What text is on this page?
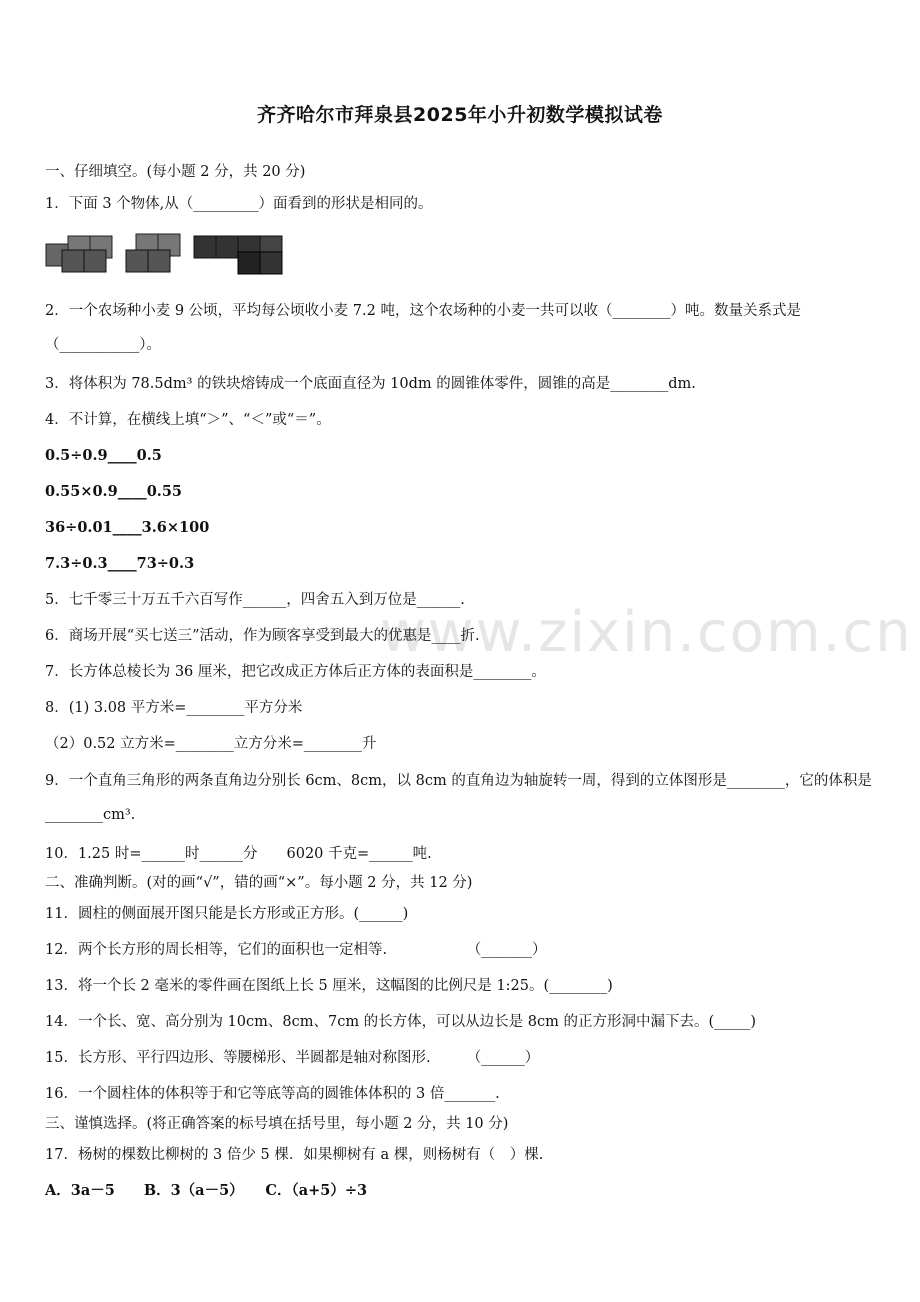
www.zixin.com.cn
齐齐哈尔市拜泉县2025年小升初数学模拟试卷
一、仔细填空。(每小题 2 分，共 20 分)
1．下面 3 个物体,从（_________）面看到的形状是相同的。
2．一个农场种小麦 9 公顷，平均每公顷收小麦 7.2 吨，这个农场种的小麦一共可以收（________）吨。数量关系式是（___________）。
3．将体积为 78.5dm³ 的铁块熔铸成一个底面直径为 10dm 的圆锥体零件，圆锥的高是________dm.
4．不计算，在横线上填“＞”、“＜”或“＝”。
0.5÷0.9____0.5
0.55×0.9____0.55
36÷0.01____3.6×100
7.3÷0.3____73÷0.3
5．七千零三十万五千六百写作______，四舍五入到万位是______.
6．商场开展“买七送三”活动，作为顾客享受到最大的优惠是____折.
7．长方体总棱长为 36 厘米，把它改成正方体后正方体的表面积是________。
8．(1) 3.08 平方米=________平方分米
（2）0.52 立方米=________立方分米=________升
9．一个直角三角形的两条直角边分别长 6cm、8cm，以 8cm 的直角边为轴旋转一周，得到的立体图形是________，它的体积是________cm³.
10．1.25 时=______时______分　　6020 千克=______吨.
二、准确判断。(对的画“√”，错的画“×”。每小题 2 分，共 12 分)
11．圆柱的侧面展开图只能是长方形或正方形。(______)
12．两个长方形的周长相等，它们的面积也一定相等.　　　　　　（_______）
13．将一个长 2 毫米的零件画在图纸上长 5 厘米，这幅图的比例尺是 1:25。(________)
14．一个长、宽、高分别为 10cm、8cm、7cm 的长方体，可以从边长是 8cm 的正方形洞中漏下去。(_____)
15．长方形、平行四边形、等腰梯形、半圆都是轴对称图形.　　　（______）
16．一个圆柱体的体积等于和它等底等高的圆锥体体积的 3 倍_______.
三、谨慎选择。(将正确答案的标号填在括号里，每小题 2 分，共 10 分)
17．杨树的棵数比柳树的 3 倍少 5 棵．如果柳树有 a 棵，则杨树有（　）棵.
A．3a－5　　B．3（a－5）　　C．（a+5）÷3
